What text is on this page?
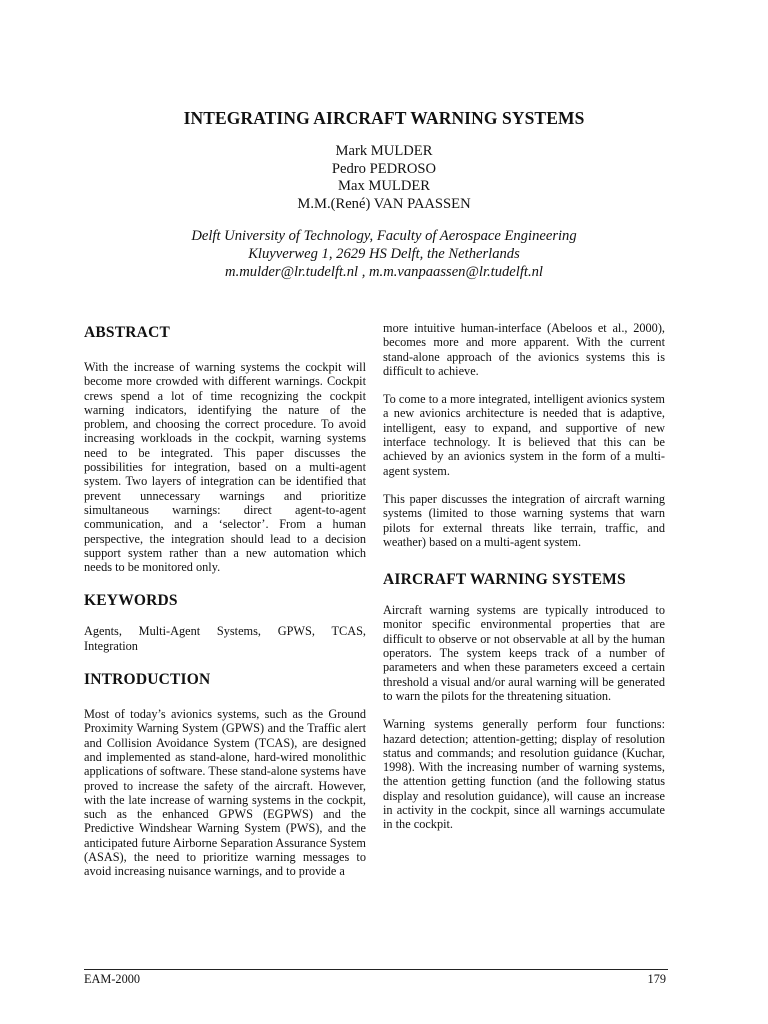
INTEGRATING AIRCRAFT WARNING SYSTEMS
Mark MULDER
Pedro PEDROSO
Max MULDER
M.M.(René) VAN PAASSEN
Delft University of Technology, Faculty of Aerospace Engineering
Kluyverweg 1, 2629 HS Delft, the Netherlands
m.mulder@lr.tudelft.nl , m.m.vanpaassen@lr.tudelft.nl
ABSTRACT

With the increase of warning systems the cockpit will become more crowded with different warnings. Cockpit crews spend a lot of time recognizing the cockpit warning indicators, identifying the nature of the problem, and choosing the correct procedure. To avoid increasing workloads in the cockpit, warning systems need to be integrated. This paper discusses the possibilities for integration, based on a multi-agent system. Two layers of integration can be identified that prevent unnecessary warnings and prioritize simultaneous warnings: direct agent-to-agent communication, and a ‘selector’. From a human perspective, the integration should lead to a decision support system rather than a new automation which needs to be monitored only.

KEYWORDS

Agents, Multi-Agent Systems, GPWS, TCAS, Integration

INTRODUCTION

Most of today’s avionics systems, such as the Ground Proximity Warning System (GPWS) and the Traffic alert and Collision Avoidance System (TCAS), are designed and implemented as stand-alone, hard-wired monolithic applications of software. These stand-alone systems have proved to increase the safety of the aircraft. However, with the late increase of warning systems in the cockpit, such as the enhanced GPWS (EGPWS) and the Predictive Windshear Warning System (PWS), and the anticipated future Airborne Separation Assurance System (ASAS), the need to prioritize warning messages to avoid increasing nuisance warnings, and to provide a

more intuitive human-interface (Abeloos et al., 2000), becomes more and more apparent. With the current stand-alone approach of the avionics systems this is difficult to achieve.

To come to a more integrated, intelligent avionics system a new avionics architecture is needed that is adaptive, intelligent, easy to expand, and supportive of new interface technology. It is believed that this can be achieved by an avionics system in the form of a multi-agent system.

This paper discusses the integration of aircraft warning systems (limited to those warning systems that warn pilots for external threats like terrain, traffic, and weather) based on a multi-agent system.

AIRCRAFT WARNING SYSTEMS

Aircraft warning systems are typically introduced to monitor specific environmental properties that are difficult to observe or not observable at all by the human operators. The system keeps track of a number of parameters and when these parameters exceed a certain threshold a visual and/or aural warning will be generated to warn the pilots for the threatening situation.

Warning systems generally perform four functions: hazard detection; attention-getting; display of resolution status and commands; and resolution guidance (Kuchar, 1998). With the increasing number of warning systems, the attention getting function (and the following status display and resolution guidance), will cause an increase in activity in the cockpit, since all warnings accumulate in the cockpit.

EAM-2000	179
